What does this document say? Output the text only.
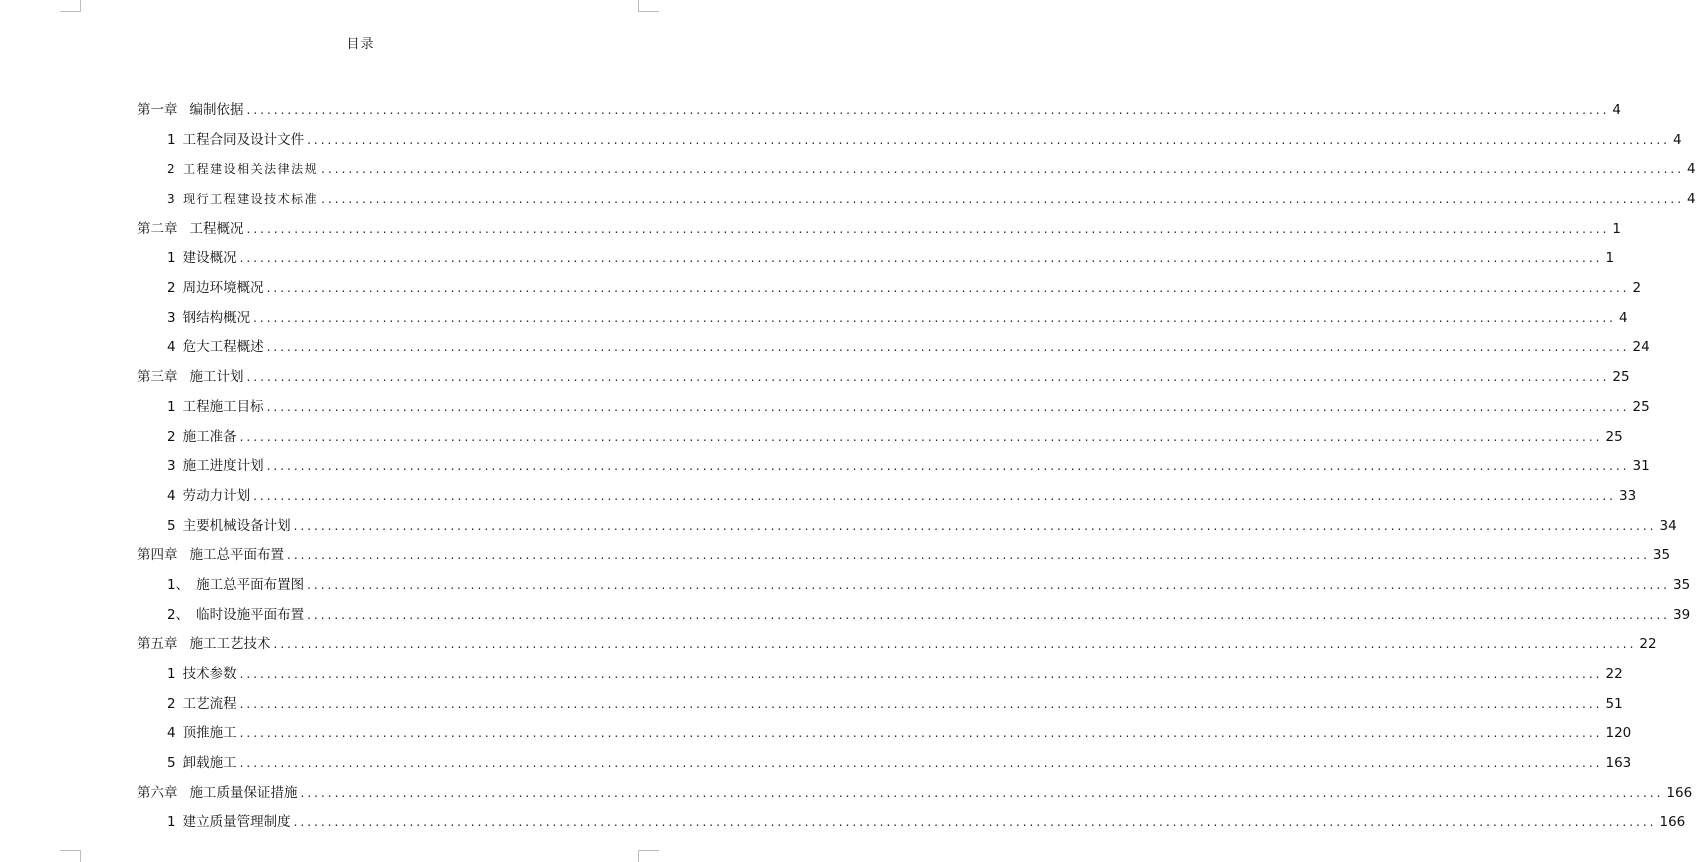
目录
第一章 编制依据 ........................................................................................................................................................................................................ 4
1 工程合同及设计文件 ........................................................................................................................................................................................................ 4
2 工程建设相关法律法规 ........................................................................................................................................................................................................ 4
3 现行工程建设技术标准 ........................................................................................................................................................................................................ 4
第二章 工程概况 ........................................................................................................................................................................................................ 1
1 建设概况 ........................................................................................................................................................................................................ 1
2 周边环境概况 ........................................................................................................................................................................................................ 2
3 钢结构概况 ........................................................................................................................................................................................................ 4
4 危大工程概述 ........................................................................................................................................................................................................ 24
第三章 施工计划 ........................................................................................................................................................................................................ 25
1 工程施工目标 ........................................................................................................................................................................................................ 25
2 施工准备 ........................................................................................................................................................................................................ 25
3 施工进度计划 ........................................................................................................................................................................................................ 31
4 劳动力计划 ........................................................................................................................................................................................................ 33
5 主要机械设备计划 ........................................................................................................................................................................................................ 34
第四章 施工总平面布置 ........................................................................................................................................................................................................ 35
1、 施工总平面布置图 ........................................................................................................................................................................................................ 35
2、 临时设施平面布置 ........................................................................................................................................................................................................ 39
第五章 施工工艺技术 ........................................................................................................................................................................................................ 22
1 技术参数 ........................................................................................................................................................................................................ 22
2 工艺流程 ........................................................................................................................................................................................................ 51
4 顶推施工 ........................................................................................................................................................................................................ 120
5 卸载施工 ........................................................................................................................................................................................................ 163
第六章 施工质量保证措施 ........................................................................................................................................................................................................ 166
1 建立质量管理制度 ........................................................................................................................................................................................................ 166
